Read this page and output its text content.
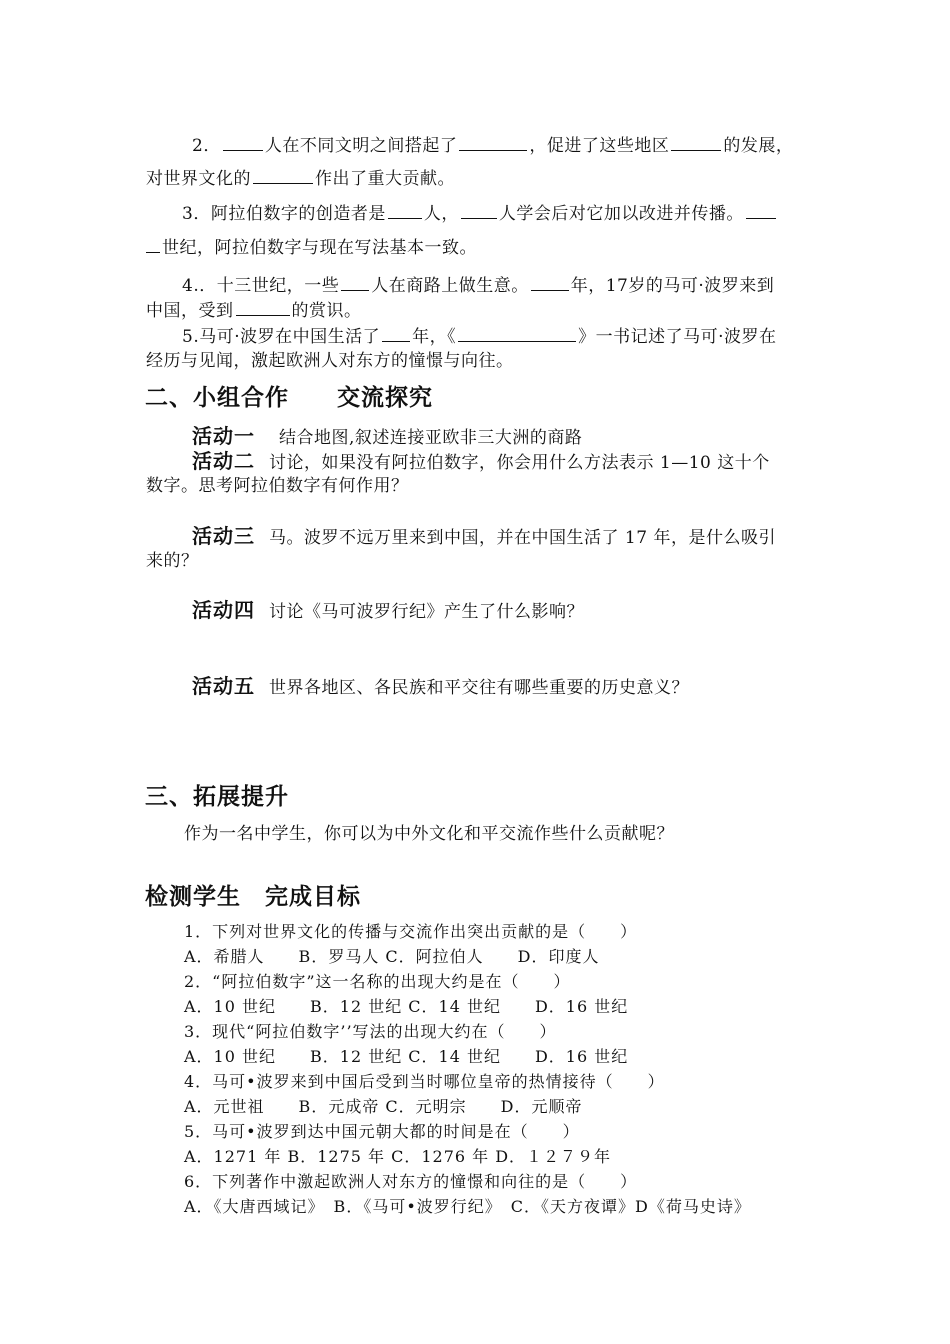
2．	人在不同文明之间搭起了	，促进了这些地区	的发展，
对世界文化的	作出了重大贡献。
3．阿拉伯数字的创造者是 人， 人学会后对它加以改进并传播。
世纪，阿拉伯数字与现在写法基本一致。
4.．十三世纪，一些 人在商路上做生意。 年，17岁的马可·波罗来到
中国，受到	的赏识。
5.马可·波罗在中国生活了 年，《	》一书记述了马可·波罗在
经历与见闻，激起欧洲人对东方的憧憬与向往。
二、小组合作　　交流探究
活动一 结合地图,叙述连接亚欧非三大洲的商路
活动二 讨论，如果没有阿拉伯数字，你会用什么方法表示 1—10 这十个
数字。思考阿拉伯数字有何作用？
活动三 马。波罗不远万里来到中国，并在中国生活了 17 年，是什么吸引
来的？
活动四 讨论《马可波罗行纪》产生了什么影响？
活动五 世界各地区、各民族和平交往有哪些重要的历史意义？
三、拓展提升
作为一名中学生，你可以为中外文化和平交流作些什么贡献呢？
检测学生　完成目标
1．下列对世界文化的传播与交流作出突出贡献的是（　　）
A．希腊人　　B．罗马人 C．阿拉伯人　　D．印度人
2．“阿拉伯数字”这一名称的出现大约是在（　　）
A．10 世纪　　B．12 世纪 C．14 世纪　　D．16 世纪
3．现代“阿拉伯数字’’写法的出现大约在（　　）
A．10 世纪　　B．12 世纪 C．14 世纪　　D．16 世纪
4．马可•波罗来到中国后受到当时哪位皇帝的热情接待（　　）
A．元世祖　　B．元成帝 C．元明宗　　D．元顺帝
5．马可•波罗到达中国元朝大都的时间是在（　　）
A．1271 年 B．1275 年 C．1276 年 D．１２７９年
6．下列著作中激起欧洲人对东方的憧憬和向往的是（　　）
A．《大唐西域记》　B．《马可•波罗行纪》　C．《天方夜谭》D《荷马史诗》
